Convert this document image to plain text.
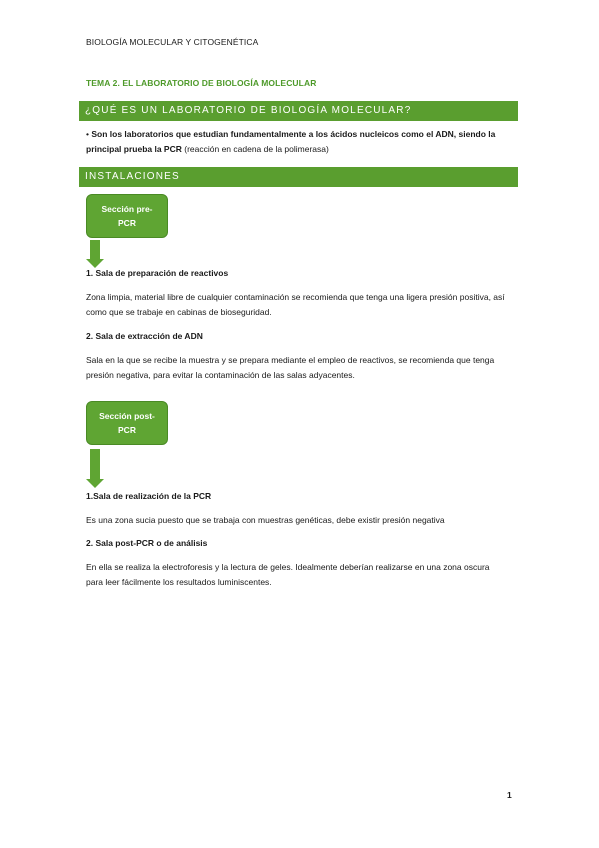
BIOLOGÍA MOLECULAR Y CITOGENÉTICA
TEMA 2. EL LABORATORIO DE BIOLOGÍA MOLECULAR
¿QUÉ ES UN LABORATORIO DE BIOLOGÍA MOLECULAR?
• Son los laboratorios que estudian fundamentalmente a los ácidos nucleicos como el ADN, siendo la principal prueba la PCR (reacción en cadena de la polimerasa)
INSTALACIONES
Sección pre-PCR
1. Sala de preparación de reactivos
Zona limpia, material libre de cualquier contaminación se recomienda que tenga una ligera presión positiva, así como que se trabaje en cabinas de bioseguridad.
2. Sala de extracción de ADN
Sala en la que se recibe la muestra y se prepara mediante el empleo de reactivos, se recomienda que tenga presión negativa, para evitar la contaminación de las salas adyacentes.
Sección post-PCR
1.Sala de realización de la PCR
Es una zona sucia puesto que se trabaja con muestras genéticas, debe existir presión negativa
2. Sala post-PCR o de análisis
En ella se realiza la electroforesis y la lectura de geles. Idealmente deberían realizarse en una zona oscura para leer fácilmente los resultados luminiscentes.
1
